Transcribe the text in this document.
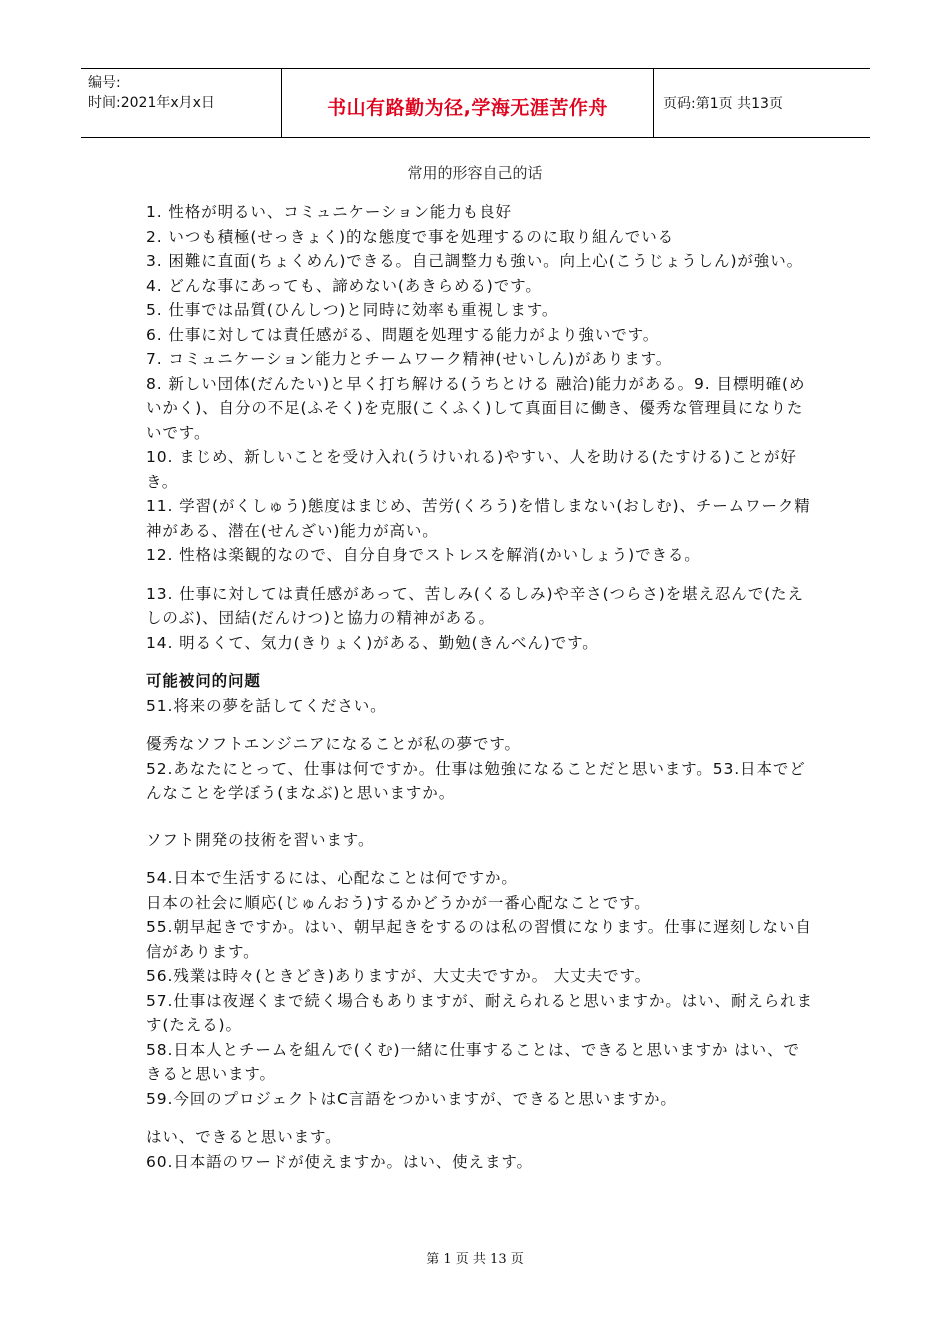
编号:
时间:2021年x月x日	书山有路勤为径,学海无涯苦作舟	页码:第1页 共13页
常用的形容自己的话

1. 性格が明るい、コミュニケーション能力も良好

2. いつも積極(せっきょく)的な態度で事を処理するのに取り組んでいる

3. 困難に直面(ちょくめん)できる。自己調整力も強い。向上心(こうじょうしん)が強い。

4. どんな事にあっても、諦めない(あきらめる)です。

5. 仕事では品質(ひんしつ)と同時に効率も重視します。

6. 仕事に対しては責任感がる、問題を処理する能力がより強いです。

7. コミュニケーション能力とチームワーク精神(せいしん)があります。

8. 新しい団体(だんたい)と早く打ち解ける(うちとける 融洽)能力がある。9. 目標明確(めいかく)、自分の不足(ふそく)を克服(こくふく)して真面目に働き、優秀な管理員になりたいです。

10. まじめ、新しいことを受け入れ(うけいれる)やすい、人を助ける(たすける)ことが好き。

11. 学習(がくしゅう)態度はまじめ、苦労(くろう)を惜しまない(おしむ)、チームワーク精神がある、潜在(せんざい)能力が高い。

12. 性格は楽観的なので、自分自身でストレスを解消(かいしょう)できる。

13. 仕事に対しては責任感があって、苦しみ(くるしみ)や辛さ(つらさ)を堪え忍んで(たえしのぶ)、団結(だんけつ)と協力の精神がある。

14. 明るくて、気力(きりょく)がある、勤勉(きんべん)です。

可能被问的问题

51.将来の夢を話してください。

優秀なソフトエンジニアになることが私の夢です。

52.あなたにとって、仕事は何ですか。仕事は勉強になることだと思います。53.日本でどんなことを学ぼう(まなぶ)と思いますか。

ソフト開発の技術を習います。

54.日本で生活するには、心配なことは何ですか。

日本の社会に順応(じゅんおう)するかどうかが一番心配なことです。

55.朝早起きですか。はい、朝早起きをするのは私の習慣になります。仕事に遅刻しない自信があります。

56.残業は時々(ときどき)ありますが、大丈夫ですか。 大丈夫です。

57.仕事は夜遅くまで続く場合もありますが、耐えられると思いますか。はい、耐えられます(たえる)。

58.日本人とチームを組んで(くむ)一緒に仕事することは、できると思いますか はい、できると思います。

59.今回のプロジェクトはC言語をつかいますが、できると思いますか。

はい、できると思います。

60.日本語のワードが使えますか。はい、使えます。

第 1 页 共 13 页
